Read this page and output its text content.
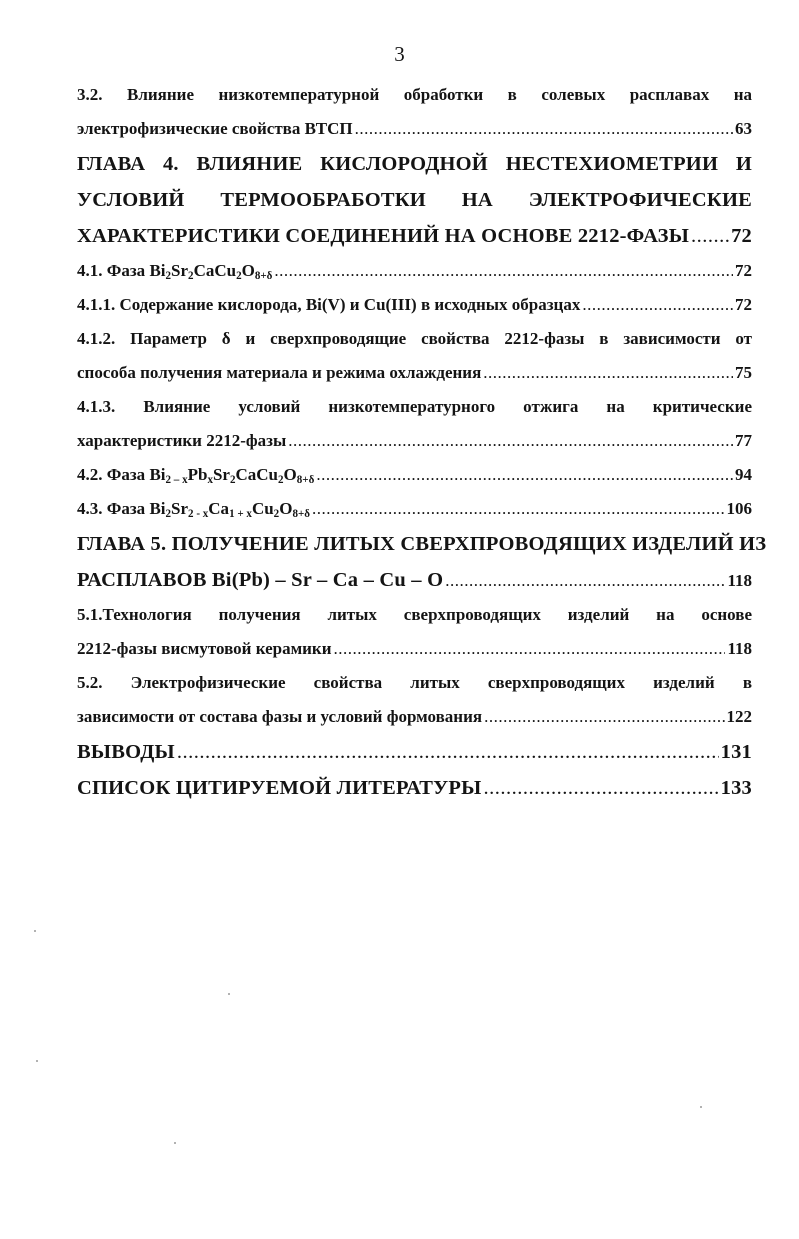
3
3.2. Влияние низкотемпературной обработки в солевых расплавах на
электрофизические свойства ВТСП .....	63
ГЛАВА 4. ВЛИЯНИЕ КИСЛОРОДНОЙ НЕСТЕХИОМЕТРИИ И
УСЛОВИЙ ТЕРМООБРАБОТКИ НА ЭЛЕКТРОФИЧЕСКИЕ
ХАРАКТЕРИСТИКИ СОЕДИНЕНИЙ НА ОСНОВЕ 2212-ФАЗЫ ..... 72
4.1. Фаза $Bi_2Sr_2CaCu_2O_{8+\delta}$ .....	72
4.1.1. Содержание кислорода, Bi(V) и Cu(III) в исходных образцах .....	72
4.1.2. Параметр δ и сверхпроводящие свойства 2212-фазы в зависимости от
способа получения материала и режима охлаждения .....	75
4.1.3. Влияние условий низкотемпературного отжига на критические
характеристики 2212-фазы .....	77
4.2. Фаза $Bi_{2 - x}Pb_xSr_2CaCu_2O_{8+\delta}$ .....	94
4.3. Фаза $Bi_2Sr_{2 - x}Ca_{1 + x}Cu_2O_{8+\delta}$ .....	106
ГЛАВА 5. ПОЛУЧЕНИЕ ЛИТЫХ СВЕРХПРОВОДЯЩИХ ИЗДЕЛИЙ ИЗ
РАСПЛАВОВ Bi(Pb) – Sr – Ca – Cu – O .....	118
5.1.Технология получения литых сверхпроводящих изделий на основе
2212-фазы висмутовой керамики .....	118
5.2. Электрофизические свойства литых сверхпроводящих изделий в
зависимости от состава фазы и условий формования .....	122
ВЫВОДЫ .....	131
СПИСОК ЦИТИРУЕМОЙ ЛИТЕРАТУРЫ .....	133
